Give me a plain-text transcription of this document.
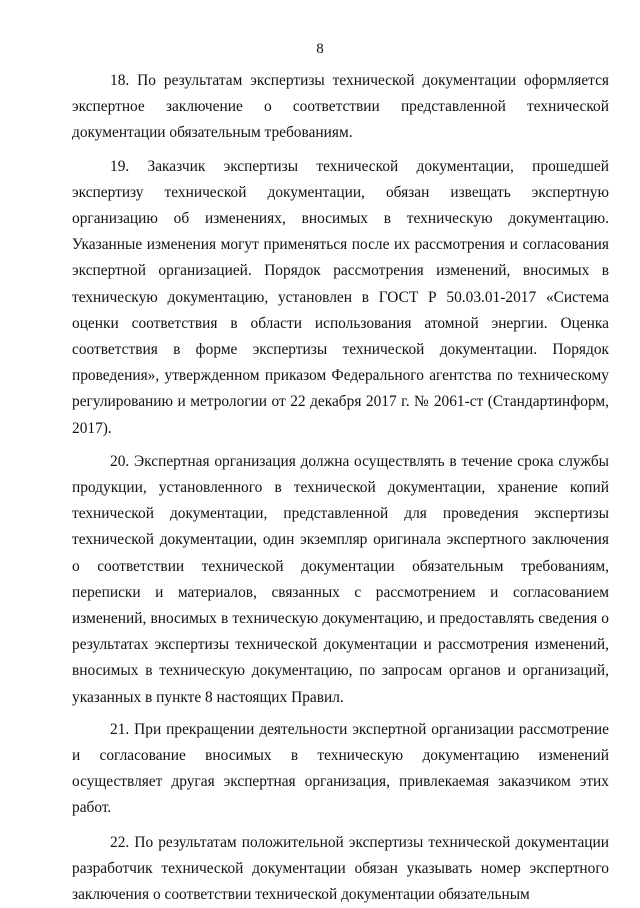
8

18. По результатам экспертизы технической документации оформляется экспертное заключение о соответствии представленной технической документации обязательным требованиям.

19. Заказчик экспертизы технической документации, прошедшей экспертизу технической документации, обязан извещать экспертную организацию об изменениях, вносимых в техническую документацию. Указанные изменения могут применяться после их рассмотрения и согласования экспертной организацией. Порядок рассмотрения изменений, вносимых в техническую документацию, установлен в ГОСТ Р 50.03.01-2017 «Система оценки соответствия в области использования атомной энергии. Оценка соответствия в форме экспертизы технической документации. Порядок проведения», утвержденном приказом Федерального агентства по техническому регулированию и метрологии от 22 декабря 2017 г. № 2061-ст (Стандартинформ, 2017).

20. Экспертная организация должна осуществлять в течение срока службы продукции, установленного в технической документации, хранение копий технической документации, представленной для проведения экспертизы технической документации, один экземпляр оригинала экспертного заключения о соответствии технической документации обязательным требованиям, переписки и материалов, связанных с рассмотрением и согласованием изменений, вносимых в техническую документацию, и предоставлять сведения о результатах экспертизы технической документации и рассмотрения изменений, вносимых в техническую документацию, по запросам органов и организаций, указанных в пункте 8 настоящих Правил.

21. При прекращении деятельности экспертной организации рассмотрение и согласование вносимых в техническую документацию изменений осуществляет другая экспертная организация, привлекаемая заказчиком этих работ.

22. По результатам положительной экспертизы технической документации разработчик технической документации обязан указывать номер экспертного заключения о соответствии технической документации обязательным
